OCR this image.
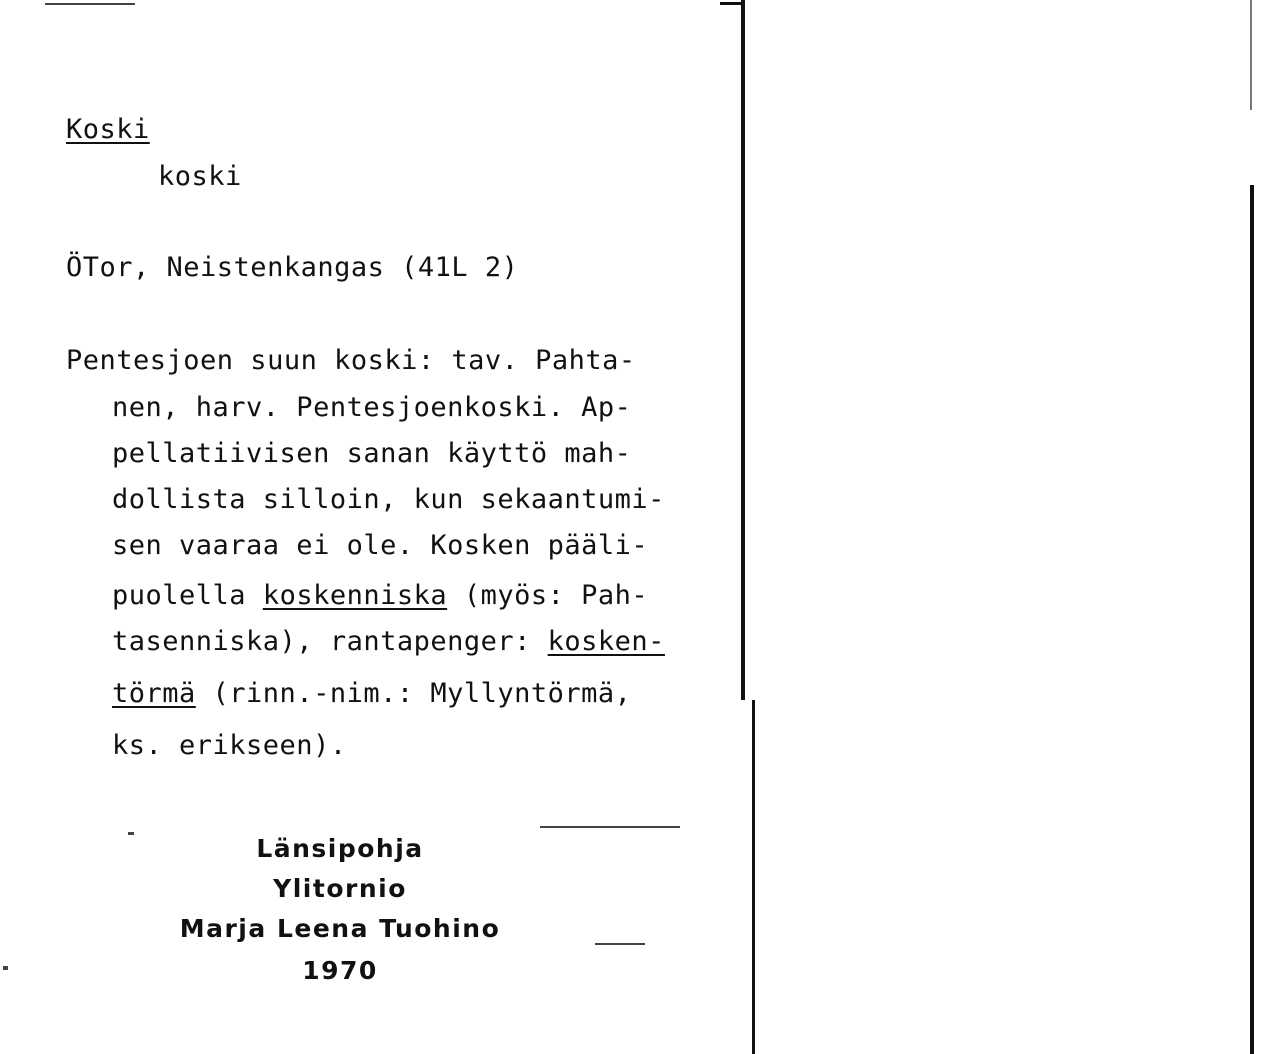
Koski
koski
ÖTor, Neistenkangas (41L 2)
Pentesjoen suun koski: tav. Pahta-
nen, harv. Pentesjoenkoski. Ap-
pellatiivisen sanan käyttö mah-
dollista silloin, kun sekaantumi-
sen vaaraa ei ole. Kosken pääli-
puolella koskenniska (myös: Pah-
tasenniska), rantapenger: kosken-
törmä (rinn.-nim.: Myllyntörmä,
ks. erikseen).
Länsipohja
Ylitornio
Marja Leena Tuohino
1970
